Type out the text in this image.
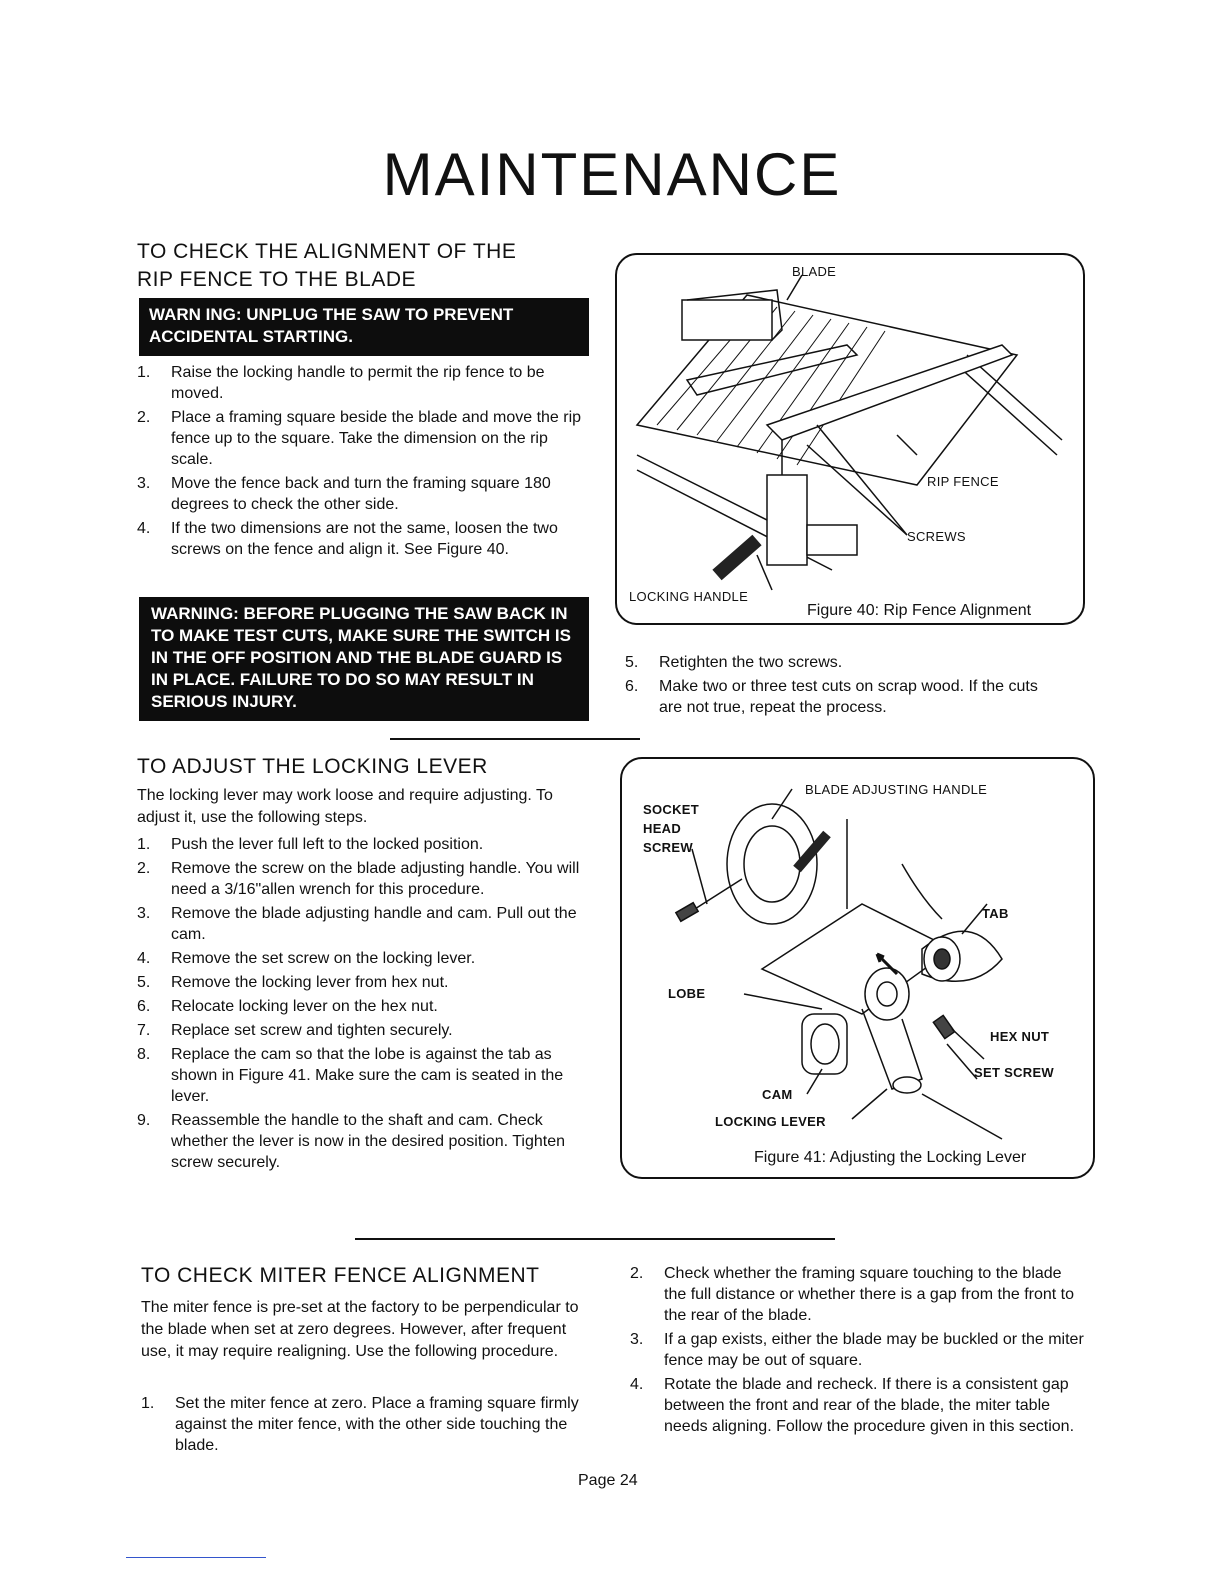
MAINTENANCE
TO CHECK THE ALIGNMENT OF THE
RIP FENCE TO THE BLADE
WARN ING: UNPLUG THE SAW TO PREVENT
ACCIDENTAL STARTING.
1. Raise the locking handle to permit the rip fence to be moved.
2. Place a framing square beside the blade and move the rip fence up to the square. Take the dimension on the rip scale.
3. Move the fence back and turn the framing square 180 degrees to check the other side.
4. If the two dimensions are not the same, loosen the two screws on the fence and align it. See Figure 40.
WARNING: BEFORE PLUGGING THE SAW BACK IN TO MAKE TEST CUTS, MAKE SURE THE SWITCH IS IN THE OFF POSITION AND THE BLADE GUARD IS IN PLACE. FAILURE TO DO SO MAY RESULT IN SERIOUS INJURY.
BLADE
RIP FENCE
SCREWS
LOCKING HANDLE
Figure 40: Rip Fence Alignment
5. Retighten the two screws.
6. Make two or three test cuts on scrap wood. If the cuts are not true, repeat the process.
TO ADJUST THE LOCKING LEVER
The locking lever may work loose and require adjusting. To adjust it, use the following steps.
1. Push the lever full left to the locked position.
2. Remove the screw on the blade adjusting handle. You will need a 3/16"allen wrench for this procedure.
3. Remove the blade adjusting handle and cam. Pull out the cam.
4. Remove the set screw on the locking lever.
5. Remove the locking lever from hex nut.
6. Relocate locking lever on the hex nut.
7. Replace set screw and tighten securely.
8. Replace the cam so that the lobe is against the tab as shown in Figure 41. Make sure the cam is seated in the lever.
9. Reassemble the handle to the shaft and cam. Check whether the lever is now in the desired position. Tighten screw securely.
BLADE ADJUSTING HANDLE
SOCKET
HEAD
SCREW
TAB
LOBE
HEX NUT
SET SCREW
CAM
LOCKING LEVER
Figure 41: Adjusting the Locking Lever
TO CHECK MITER FENCE ALIGNMENT
The miter fence is pre-set at the factory to be perpendicular to the blade when set at zero degrees. However, after frequent use, it may require realigning. Use the following procedure.
1. Set the miter fence at zero. Place a framing square firmly against the miter fence, with the other side touching the blade.
2. Check whether the framing square touching to the blade the full distance or whether there is a gap from the front to the rear of the blade.
3. If a gap exists, either the blade may be buckled or the miter fence may be out of square.
4. Rotate the blade and recheck. If there is a consistent gap between the front and rear of the blade, the miter table needs aligning. Follow the procedure given in this section.
Page 24
